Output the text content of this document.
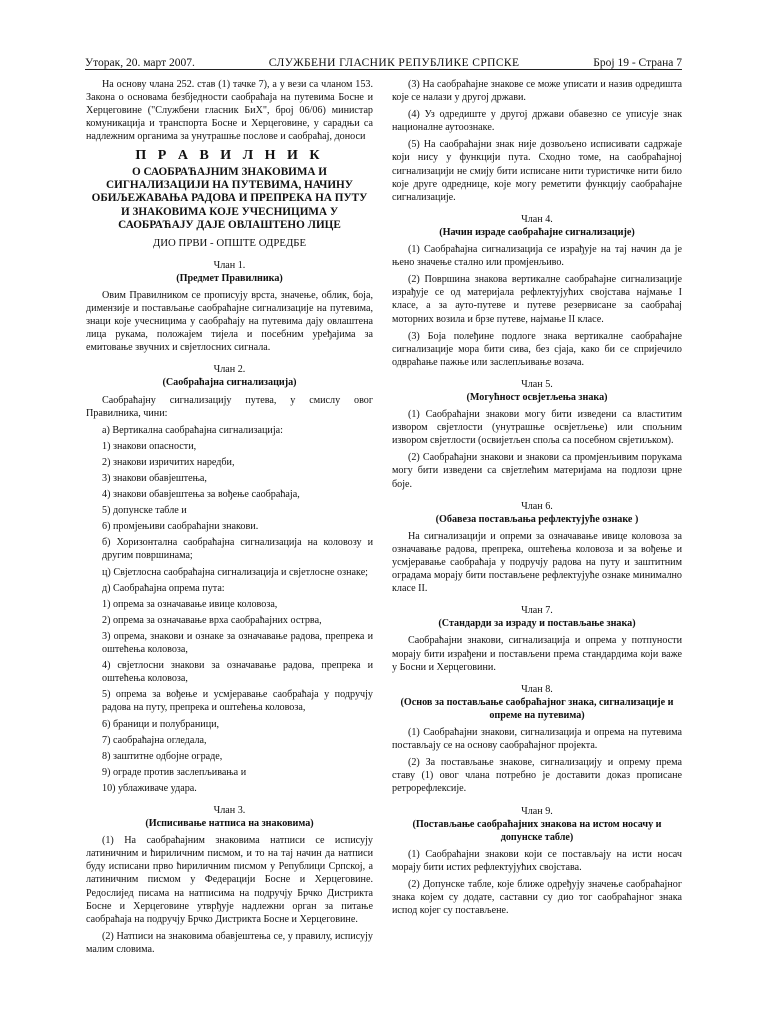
Уторак, 20. март 2007.	СЛУЖБЕНИ ГЛАСНИК РЕПУБЛИКЕ СРПСКЕ	Број 19 - Страна 7

На основу члана 252. став (1) тачке 7), а у вези са чланом 153. Закона о основама безбједности саобраћаја на путевима Босне и Херцеговине ("Службени гласник БиХ", број 06/06) министар комуникација и транспорта Босне и Херцеговине, у сарадњи са надлежним органима за унутрашње послове и саобраћај, доноси

П Р А В И Л Н И К
О САОБРАЋАЈНИМ ЗНАКОВИМА И СИГНАЛИЗАЦИЈИ НА ПУТЕВИМА, НАЧИНУ ОБИЉЕЖАВАЊА РАДОВА И ПРЕПРЕКА НА ПУТУ И ЗНАКОВИМА КОЈЕ УЧЕСНИЦИМА У САОБРАЋАЈУ ДАЈЕ ОВЛАШТЕНО ЛИЦЕ
ДИО ПРВИ - ОПШТЕ ОДРЕДБЕ
Члан 1.
(Предмет Правилника)

Овим Правилником се прописују врста, значење, облик, боја, димензије и постављање саобраћајне сигнализације на путевима, знаци које учесницима у саобраћају на путевима дају овлаштена лица рукама, положајем тијела и посебним уређајима за емитовање звучних и свјетлосних сигнала.

Члан 2.
(Саобраћајна сигнализација)

Саобраћајну сигнализацију путева, у смислу овог Правилника, чини:

а) Вертикална саобраћајна сигнализација:

1) знакови опасности,

2) знакови изричитих наредби,

3) знакови обавјештења,

4) знакови обавјештења за вођење саобраћаја,

5) допунске табле и

6) промјењиви саобраћајни знакови.

б) Хоризонтална саобраћајна сигнализација на коловозу и другим површинама;

ц) Свјетлосна саобраћајна сигнализација и свјетлосне ознаке;

д) Саобраћајна опрема пута:

1) опрема за означавање ивице коловоза,

2) опрема за означавање врха саобраћајних острва,

3) опрема, знакови и ознаке за означавање радова, препрека и оштећења коловоза,

4) свјетлосни знакови за означавање радова, препрека и оштећења коловоза,

5) опрема за вођење и усмјеравање саобраћаја у подручју радова на путу, препрека и оштећења коловоза,

6) браници и полубраници,

7) саобраћајна огледала,

8) заштитне одбојне ограде,

9) ограде против заслепљивања и

10) ублаживаче удара.

Члан 3.
(Исписивање натписа на знаковима)

(1) На саобраћајним знаковима натписи се исписују латиничним и ћириличним писмом, и то на тај начин да натписи буду исписани прво ћириличним писмом у Републици Српској, а латиничним писмом у Федерацији Босне и Херцеговине. Редослијед писама на натписима на подручју Брчко Дистрикта Босне и Херцеговине утврђује надлежни орган за питање саобраћаја на подручју Брчко Дистрикта Босне и Херцеговине.

(2) Натписи на знаковима обавјештења се, у правилу, исписују малим словима.

(3) На саобраћајне знакове се може уписати и назив одредишта које се налази у другој држави.

(4) Уз одредиште у другој држави обавезно се уписује знак националне аутоознаке.

(5) На саобраћајни знак није дозвољено исписивати садржаје који нису у функцији пута. Сходно томе, на саобраћајној сигнализацији не смију бити исписане нити туристичке нити било које друге одреднице, које могу реметити функцију саобраћајне сигнализације.

Члан 4.
(Начин израде саобраћајне сигнализације)

(1) Саобраћајна сигнализација се израђује на тај начин да је њено значење стално или промјенљиво.

(2) Површина знакова вертикалне саобраћајне сигнализације израђује се од материјала рефлектујућих својстава најмање I класе, а за ауто-путеве и путеве резервисане за саобраћај моторних возила и брзе путеве, најмање II класе.

(3) Боја полеђине подлоге знака вертикалне саобраћајне сигнализације мора бити сива, без сјаја, како би се спријечило одвраћање пажње или заслепљивање возача.

Члан 5.
(Могућност освјетљења знака)

(1) Саобраћајни знакови могу бити изведени са властитим извором свјетлости (унутрашње освјетљење) или спољним извором свјетлости (освијетљен споља са посебном свјетиљком).

(2) Саобраћајни знакови и знакови са промјенљивим порукама могу бити изведени са свјетлећим материјама на подлози црне боје.

Члан 6.
(Обавеза постављања рефлектујуће ознаке )

На сигнализацији и опреми за означавање ивице коловоза за означавање радова, препрека, оштећења коловоза и за вођење и усмјеравање саобраћаја у подручју радова на путу и заштитним оградама морају бити постављене рефлектујуће ознаке минимално класе II.

Члан 7.
(Стандарди за израду и постављање знака)

Саобраћајни знакови, сигнализација и опрема у потпуности морају бити израђени и постављени према стандардима који важе у Босни и Херцеговини.

Члан 8.
(Основ за постављање саобраћајног знака, сигнализације и опреме на путевима)

(1) Саобраћајни знакови, сигнализација и опрема на путевима постављају се на основу саобраћајног пројекта.

(2) За постављање знакове, сигнализацију и опрему према ставу (1) овог члана потребно је доставити доказ прописане ретрорефлексије.

Члан 9.
(Постављање саобраћајних знакова на истом носачу и допунске табле)

(1) Саобраћајни знакови који се постављају на исти носач морају бити истих рефлектујућих својстава.

(2) Допунске табле, које ближе одређују значење саобраћајног знака којем су додате, саставни су дио тог саобраћајног знака испод којег су постављене.
